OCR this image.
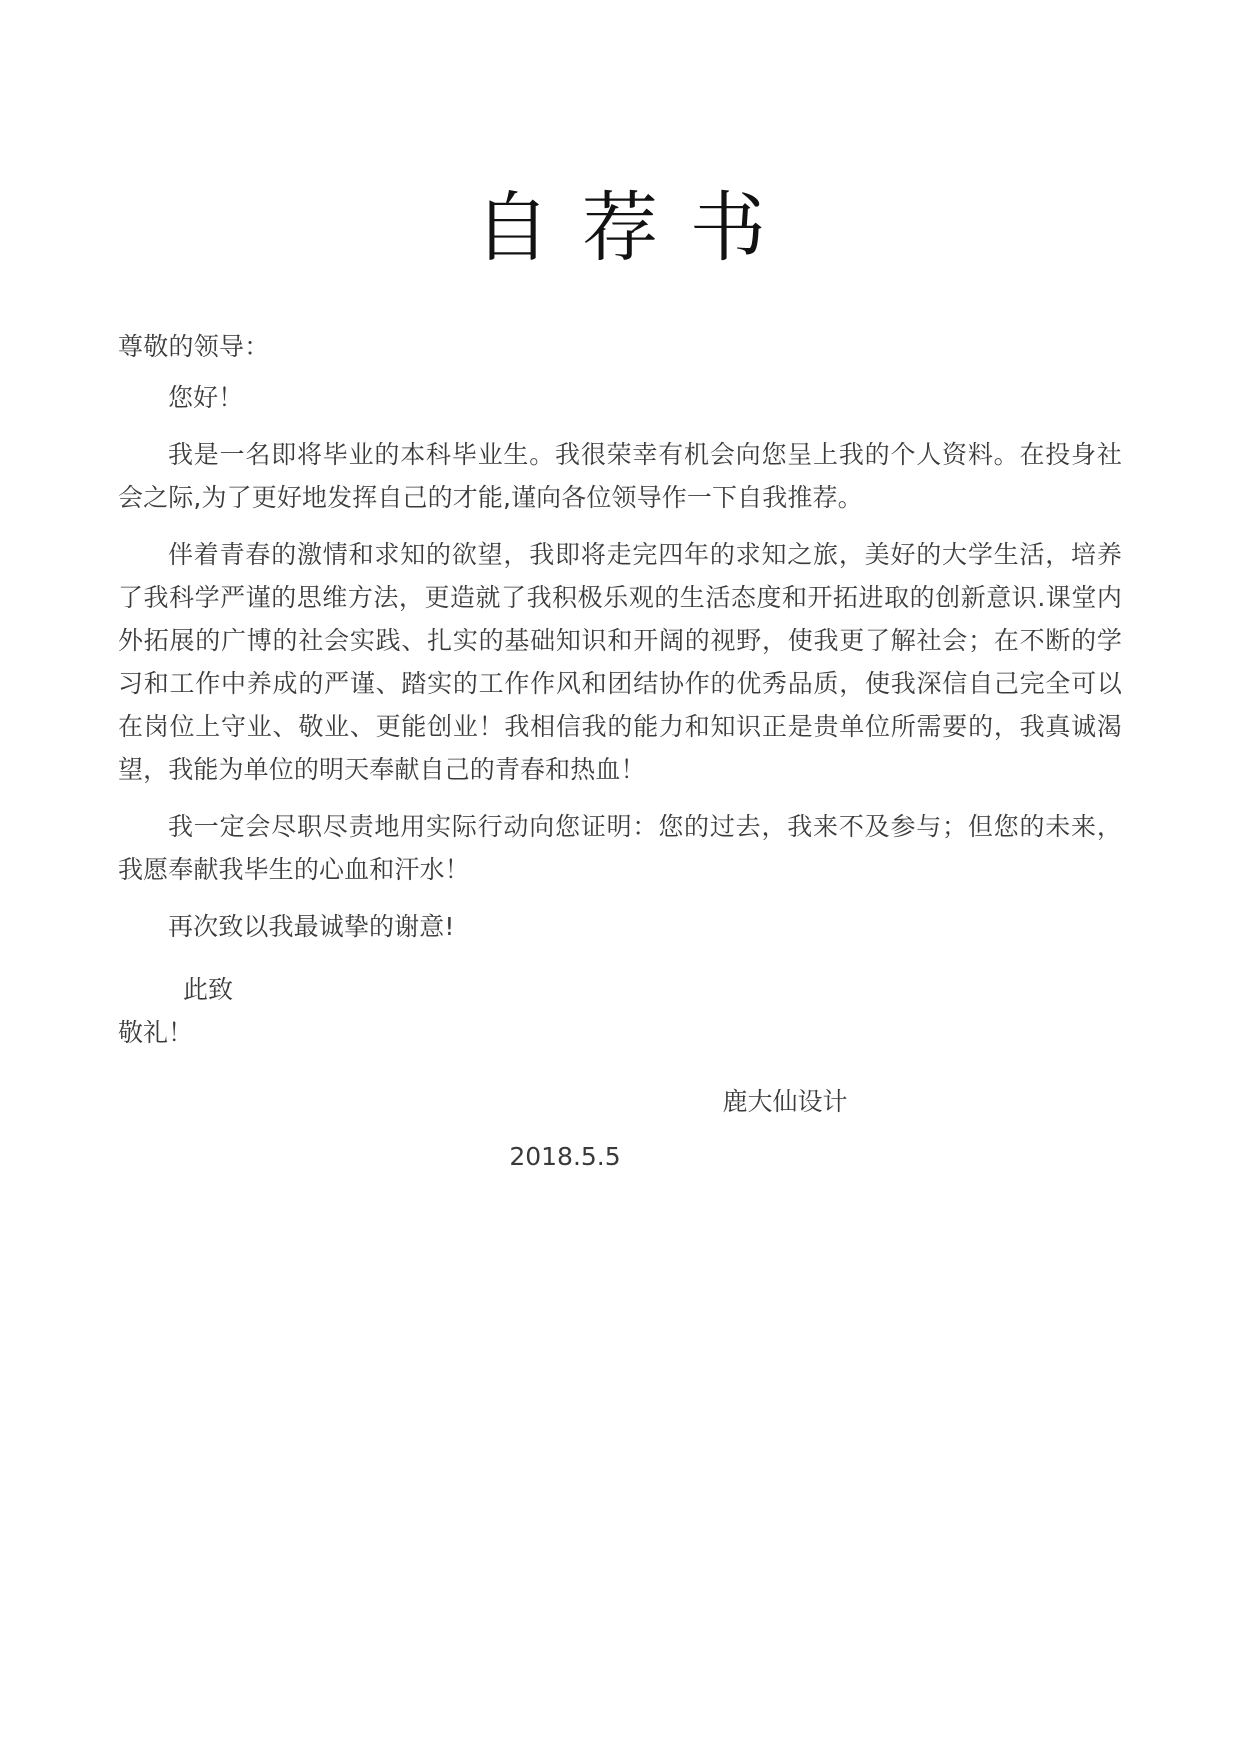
自荐书

尊敬的领导：

您好！

我是一名即将毕业的本科毕业生。我很荣幸有机会向您呈上我的个人资料。在投身社会之际,为了更好地发挥自己的才能,谨向各位领导作一下自我推荐。

伴着青春的激情和求知的欲望，我即将走完四年的求知之旅，美好的大学生活，培养了我科学严谨的思维方法，更造就了我积极乐观的生活态度和开拓进取的创新意识.课堂内外拓展的广博的社会实践、扎实的基础知识和开阔的视野，使我更了解社会；在不断的学习和工作中养成的严谨、踏实的工作作风和团结协作的优秀品质，使我深信自己完全可以在岗位上守业、敬业、更能创业！我相信我的能力和知识正是贵单位所需要的，我真诚渴望，我能为单位的明天奉献自己的青春和热血！

我一定会尽职尽责地用实际行动向您证明：您的过去，我来不及参与；但您的未来，我愿奉献我毕生的心血和汗水！

再次致以我最诚挚的谢意!

此致

敬礼！

鹿大仙设计

2018.5.5
